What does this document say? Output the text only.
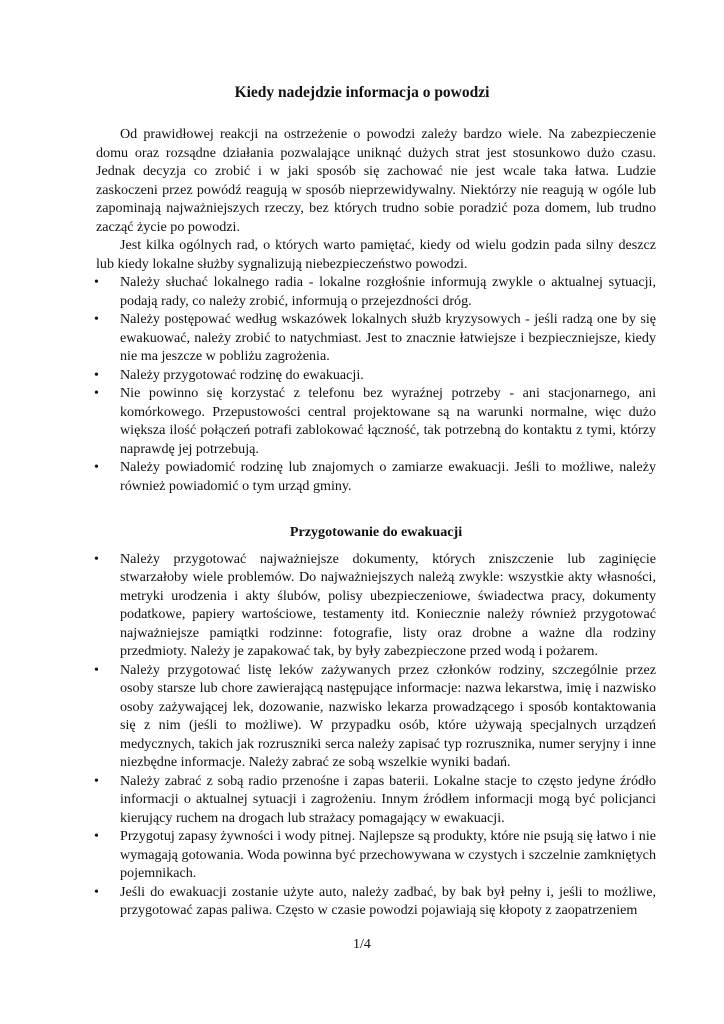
Kiedy nadejdzie informacja o powodzi

Od prawidłowej reakcji na ostrzeżenie o powodzi zależy bardzo wiele. Na zabezpieczenie domu oraz rozsądne działania pozwalające uniknąć dużych strat jest stosunkowo dużo czasu. Jednak decyzja co zrobić i w jaki sposób się zachować nie jest wcale taka łatwa. Ludzie zaskoczeni przez powódź reagują w sposób nieprzewidywalny. Niektórzy nie reagują w ogóle lub zapominają najważniejszych rzeczy, bez których trudno sobie poradzić poza domem, lub trudno zacząć życie po powodzi.

Jest kilka ogólnych rad, o których warto pamiętać, kiedy od wielu godzin pada silny deszcz lub kiedy lokalne służby sygnalizują niebezpieczeństwo powodzi.

• Należy słuchać lokalnego radia - lokalne rozgłośnie informują zwykle o aktualnej sytuacji, podają rady, co należy zrobić, informują o przejezdności dróg.
• Należy postępować według wskazówek lokalnych służb kryzysowych - jeśli radzą one by się ewakuować, należy zrobić to natychmiast. Jest to znacznie łatwiejsze i bezpieczniejsze, kiedy nie ma jeszcze w pobliżu zagrożenia.
• Należy przygotować rodzinę do ewakuacji.
• Nie powinno się korzystać z telefonu bez wyraźnej potrzeby - ani stacjonarnego, ani komórkowego. Przepustowości central projektowane są na warunki normalne, więc dużo większa ilość połączeń potrafi zablokować łączność, tak potrzebną do kontaktu z tymi, którzy naprawdę jej potrzebują.
• Należy powiadomić rodzinę lub znajomych o zamiarze ewakuacji. Jeśli to możliwe, należy również powiadomić o tym urząd gminy.
Przygotowanie do ewakuacji
• Należy przygotować najważniejsze dokumenty, których zniszczenie lub zaginięcie stwarzałoby wiele problemów. Do najważniejszych należą zwykle: wszystkie akty własności, metryki urodzenia i akty ślubów, polisy ubezpieczeniowe, świadectwa pracy, dokumenty podatkowe, papiery wartościowe, testamenty itd. Koniecznie należy również przygotować najważniejsze pamiątki rodzinne: fotografie, listy oraz drobne a ważne dla rodziny przedmioty. Należy je zapakować tak, by były zabezpieczone przed wodą i pożarem.
• Należy przygotować listę leków zażywanych przez członków rodziny, szczególnie przez osoby starsze lub chore zawierającą następujące informacje: nazwa lekarstwa, imię i nazwisko osoby zażywającej lek, dozowanie, nazwisko lekarza prowadzącego i sposób kontaktowania się z nim (jeśli to możliwe). W przypadku osób, które używają specjalnych urządzeń medycznych, takich jak rozruszniki serca należy zapisać typ rozrusznika, numer seryjny i inne niezbędne informacje. Należy zabrać ze sobą wszelkie wyniki badań.
• Należy zabrać z sobą radio przenośne i zapas baterii. Lokalne stacje to często jedyne źródło informacji o aktualnej sytuacji i zagrożeniu. Innym źródłem informacji mogą być policjanci kierujący ruchem na drogach lub strażacy pomagający w ewakuacji.
• Przygotuj zapasy żywności i wody pitnej. Najlepsze są produkty, które nie psują się łatwo i nie wymagają gotowania. Woda powinna być przechowywana w czystych i szczelnie zamkniętych pojemnikach.
• Jeśli do ewakuacji zostanie użyte auto, należy zadbać, by bak był pełny i, jeśli to możliwe, przygotować zapas paliwa. Często w czasie powodzi pojawiają się kłopoty z zaopatrzeniem
1/4
